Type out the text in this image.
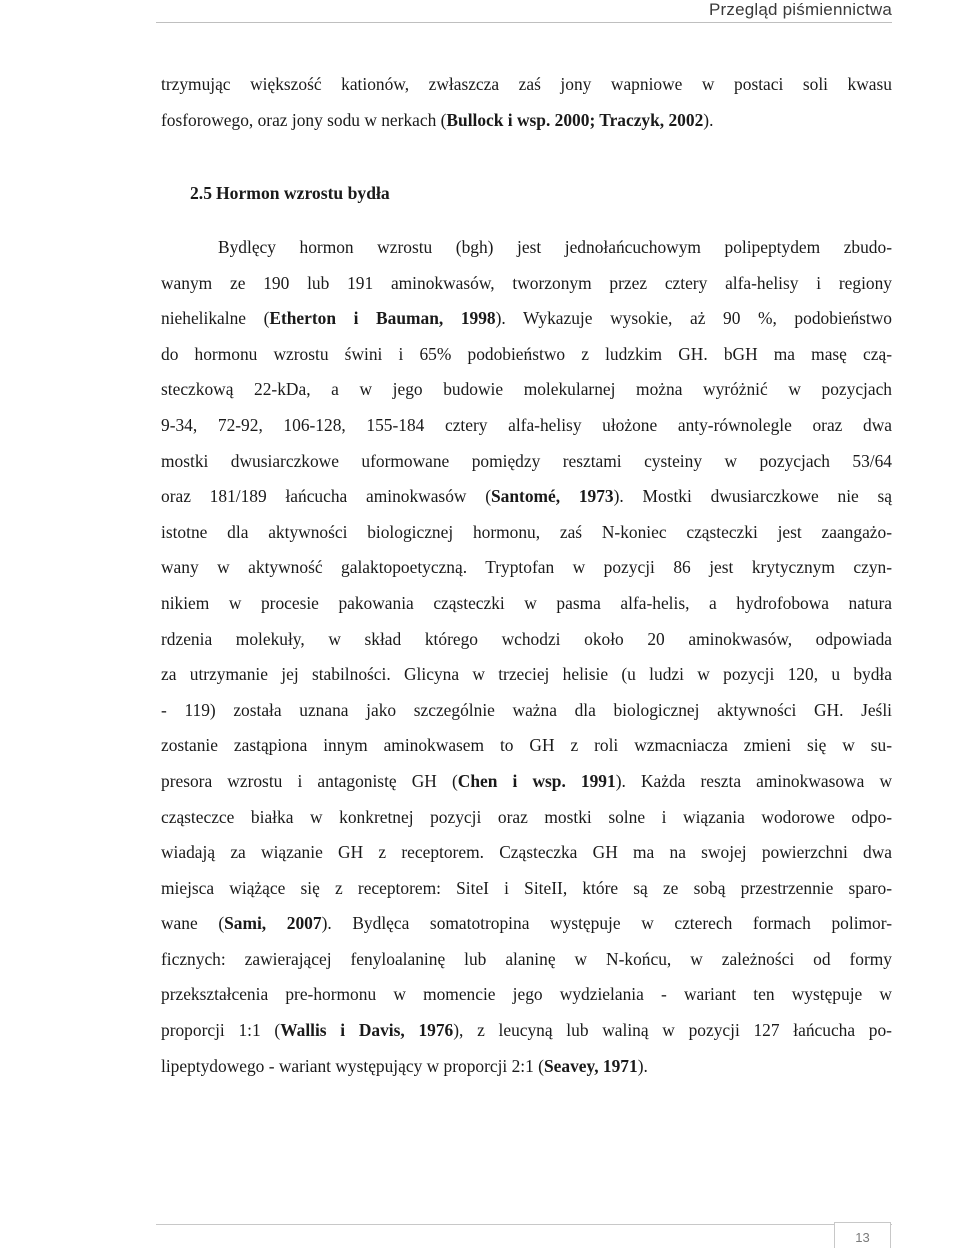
Przegląd piśmiennictwa
trzymując większość kationów, zwłaszcza zaś jony wapniowe w postaci soli kwasu
fosforowego, oraz jony sodu w nerkach (Bullock i wsp. 2000; Traczyk, 2002).
2.5 Hormon wzrostu bydła
Bydlęcy hormon wzrostu (bgh) jest jednołańcuchowym polipeptydem zbudo-
wanym ze 190 lub 191 aminokwasów, tworzonym przez cztery alfa-helisy i regiony
niehelikalne (Etherton i Bauman, 1998). Wykazuje wysokie, aż 90 %, podobieństwo
do hormonu wzrostu świni i 65% podobieństwo z ludzkim GH. bGH ma masę czą-
steczkową 22-kDa, a w jego budowie molekularnej można wyróżnić w pozycjach
9-34, 72-92, 106-128, 155-184 cztery alfa-helisy ułożone anty-równolegle oraz dwa
mostki dwusiarczkowe uformowane pomiędzy resztami cysteiny w pozycjach 53/64
oraz 181/189 łańcucha aminokwasów (Santomé, 1973). Mostki dwusiarczkowe nie są
istotne dla aktywności biologicznej hormonu, zaś N-koniec cząsteczki jest zaangażo-
wany w aktywność galaktopoetyczną. Tryptofan w pozycji 86 jest krytycznym czyn-
nikiem w procesie pakowania cząsteczki w pasma alfa-helis, a hydrofobowa natura
rdzenia molekuły, w skład którego wchodzi około 20 aminokwasów, odpowiada
za utrzymanie jej stabilności. Glicyna w trzeciej helisie (u ludzi w pozycji 120, u bydła
- 119) została uznana jako szczególnie ważna dla biologicznej aktywności GH. Jeśli
zostanie zastąpiona innym aminokwasem to GH z roli wzmacniacza zmieni się w su-
presora wzrostu i antagonistę GH (Chen i wsp. 1991). Każda reszta aminokwasowa w
cząsteczce białka w konkretnej pozycji oraz mostki solne i wiązania wodorowe odpo-
wiadają za wiązanie GH z receptorem. Cząsteczka GH ma na swojej powierzchni dwa
miejsca wiążące się z receptorem: SiteI i SiteII, które są ze sobą przestrzennie sparo-
wane (Sami, 2007). Bydlęca somatotropina występuje w czterech formach polimor-
ficznych: zawierającej fenyloalaninę lub alaninę w N-końcu, w zależności od formy
przekształcenia pre-hormonu w momencie jego wydzielania - wariant ten występuje w
proporcji 1:1 (Wallis i Davis, 1976), z leucyną lub waliną w pozycji 127 łańcucha po-
lipeptydowego - wariant występujący w proporcji 2:1 (Seavey, 1971).
13
